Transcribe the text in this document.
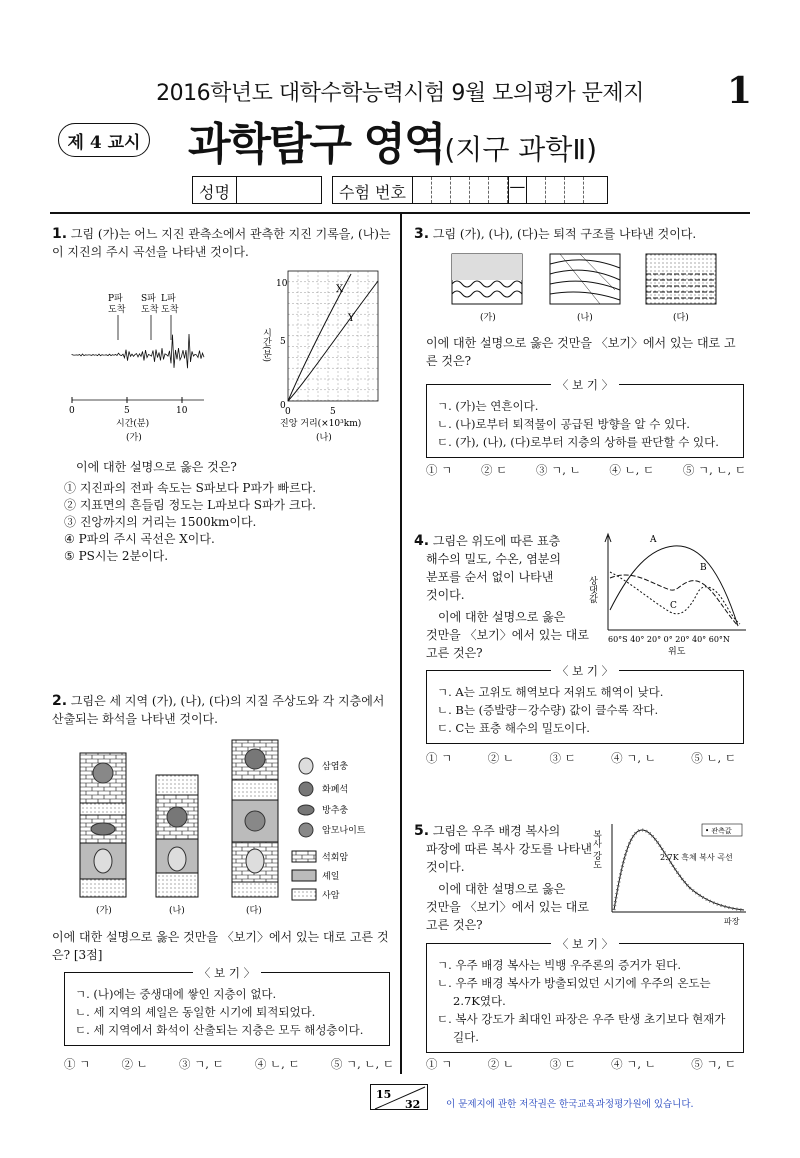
2016학년도 대학수학능력시험 9월 모의평가 문제지	1
제 4 교시 과학탐구 영역(지구 과학Ⅱ)
성명	수험 번호	—
1. 그림 (가)는 어느 지진 관측소에서 관측한 지진 기록을, (나)는 이 지진의 주시 곡선을 나타낸 것이다.
P파
도착
S파
도착
L파
도착
0	5	10
시간(분)
(가)
X
Y
10
5
0
0	5
시간(분)
진앙 거리(×10³km)
(나)
이에 대한 설명으로 옳은 것은?
① 지진파의 전파 속도는 S파보다 P파가 빠르다.
② 지표면의 흔들림 정도는 L파보다 S파가 크다.
③ 진앙까지의 거리는 1500km이다.
④ P파의 주시 곡선은 X이다.
⑤ PS시는 2분이다.
2. 그림은 세 지역 (가), (나), (다)의 지질 주상도와 각 지층에서 산출되는 화석을 나타낸 것이다.
(가)	(나)	(다)
삼엽충
화폐석
방추충
암모나이트
석회암
셰일
사암
이에 대한 설명으로 옳은 것만을 〈보기〉에서 있는 대로 고른 것은? [3점]
〈 보 기 〉
ㄱ. (나)에는 중생대에 쌓인 지층이 없다.
ㄴ. 세 지역의 셰일은 동일한 시기에 퇴적되었다.
ㄷ. 세 지역에서 화석이 산출되는 지층은 모두 해성층이다.
① ㄱ	② ㄴ	③ ㄱ, ㄷ	④ ㄴ, ㄷ	⑤ ㄱ, ㄴ, ㄷ
3. 그림 (가), (나), (다)는 퇴적 구조를 나타낸 것이다.
(가)	(나)	(다)
이에 대한 설명으로 옳은 것만을 〈보기〉에서 있는 대로 고른 것은?
〈 보 기 〉
ㄱ. (가)는 연흔이다.
ㄴ. (나)로부터 퇴적물이 공급된 방향을 알 수 있다.
ㄷ. (가), (나), (다)로부터 지층의 상하를 판단할 수 있다.
① ㄱ ② ㄷ ③ ㄱ, ㄴ ④ ㄴ, ㄷ ⑤ ㄱ, ㄴ, ㄷ
4. 그림은 위도에 따른 표층
해수의 밀도, 수온, 염분의
분포를 순서 없이 나타낸
것이다.
이에 대한 설명으로 옳은
것만을 〈보기〉에서 있는 대로
고른 것은?
상댓값
A
B
C
60°S 40° 20° 0° 20° 40° 60°N
위도
〈 보 기 〉
ㄱ. A는 고위도 해역보다 저위도 해역이 낮다.
ㄴ. B는 (증발량－강수량) 값이 클수록 작다.
ㄷ. C는 표층 해수의 밀도이다.
① ㄱ	② ㄴ	③ ㄷ	④ ㄱ, ㄴ	⑤ ㄴ, ㄷ
5. 그림은 우주 배경 복사의
파장에 따른 복사 강도를 나타낸
것이다.
이에 대한 설명으로 옳은
것만을 〈보기〉에서 있는 대로
고른 것은?
복사 강도	• 관측값
2.7K 흑체 복사 곡선
파장
〈 보 기 〉
ㄱ. 우주 배경 복사는 빅뱅 우주론의 증거가 된다.
ㄴ. 우주 배경 복사가 방출되었던 시기에 우주의 온도는
2.7K였다.
ㄷ. 복사 강도가 최대인 파장은 우주 탄생 초기보다 현재가
길다.
① ㄱ	② ㄴ	③ ㄷ	④ ㄱ, ㄴ	⑤ ㄱ, ㄷ
15
32	이 문제지에 관한 저작권은 한국교육과정평가원에 있습니다.
